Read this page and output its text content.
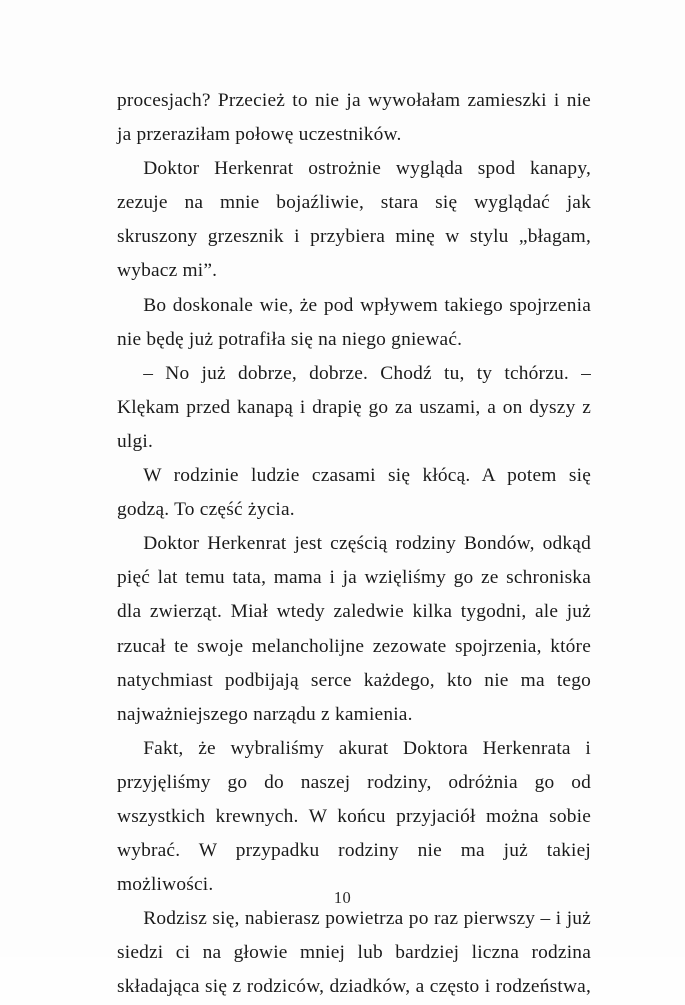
procesjach? Przecież to nie ja wywołałam zamieszki i nie ja przeraziłam połowę uczestników.

Doktor Herkenrat ostrożnie wygląda spod kanapy, zezuje na mnie bojaźliwie, stara się wyglądać jak skruszony grzesznik i przybiera minę w stylu „błagam, wybacz mi”.

Bo doskonale wie, że pod wpływem takiego spojrzenia nie będę już potrafiła się na niego gniewać.

– No już dobrze, dobrze. Chodź tu, ty tchórzu. – Klękam przed kanapą i drapię go za uszami, a on dyszy z ulgi.

W rodzinie ludzie czasami się kłócą. A potem się godzą. To część życia.

Doktor Herkenrat jest częścią rodziny Bondów, odkąd pięć lat temu tata, mama i ja wzięliśmy go ze schroniska dla zwierząt. Miał wtedy zaledwie kilka tygodni, ale już rzucał te swoje melancholijne zezowate spojrzenia, które natychmiast podbijają serce każdego, kto nie ma tego najważniejszego narządu z kamienia.

Fakt, że wybraliśmy akurat Doktora Herkenrata i przyjęliśmy go do naszej rodziny, odróżnia go od wszystkich krewnych. W końcu przyjaciół można sobie wybrać. W przypadku rodziny nie ma już takiej możliwości.

Rodzisz się, nabierasz powietrza po raz pierwszy – i już siedzi ci na głowie mniej lub bardziej liczna rodzina składająca się z rodziców, dziadków, a często i rodzeństwa,

10
